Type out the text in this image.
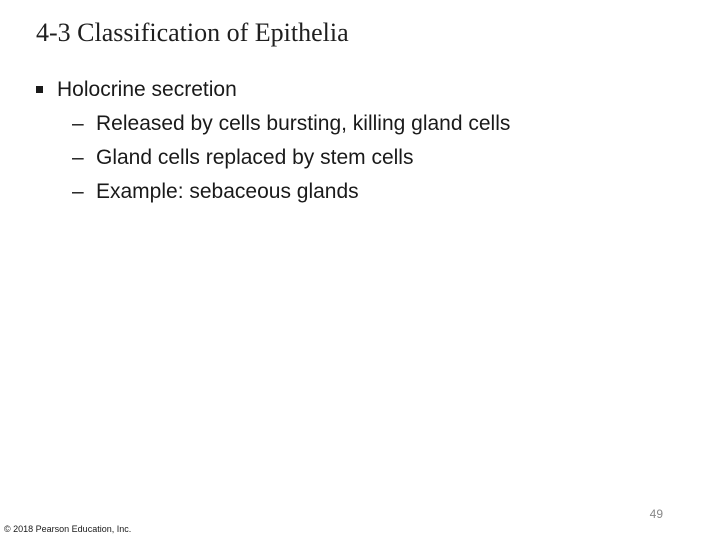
4-3 Classification of Epithelia
Holocrine secretion
– Released by cells bursting, killing gland cells
– Gland cells replaced by stem cells
– Example: sebaceous glands
49
© 2018 Pearson Education, Inc.
